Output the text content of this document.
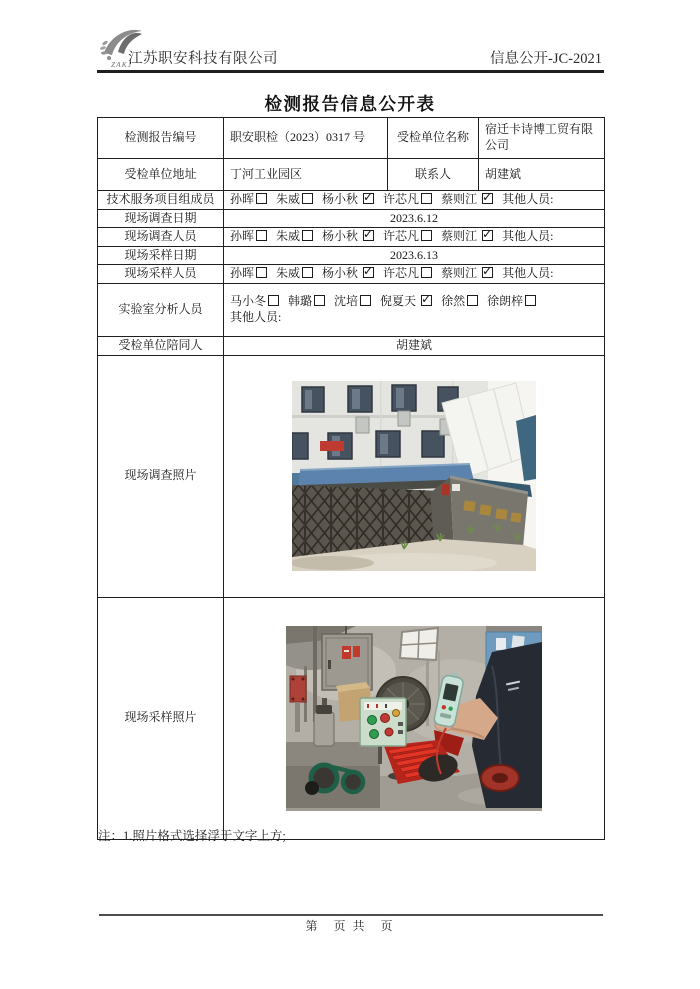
ZAKJ
江苏职安科技有限公司	信息公开-JC-2021
检测报告信息公开表
检测报告编号	职安职检（2023）0317 号	受检单位名称	宿迁卡诗博工贸有限公司
受检单位地址	丁河工业园区	联系人	胡建斌
技术服务项目组成员	孙晖 朱威 杨小秋 ✓ 许芯凡 蔡则江 ✓ 其他人员:
现场调查日期	2023.6.12		
现场调查人员	孙晖 朱威 杨小秋 ✓ 许芯凡 蔡则江 ✓ 其他人员:
现场采样日期	2023.6.13		
现场采样人员	孙晖 朱威 杨小秋 ✓ 许芯凡 蔡则江 ✓ 其他人员:
实验室分析人员	马小冬 韩璐 沈培 倪夏天 ✓ 徐然 徐朗梓
其他人员:

受检单位陪同人	胡建斌		
现场调查照片	
现场采样照片	
注：1.照片格式选择浮于文字上方;
第　页 共　页
